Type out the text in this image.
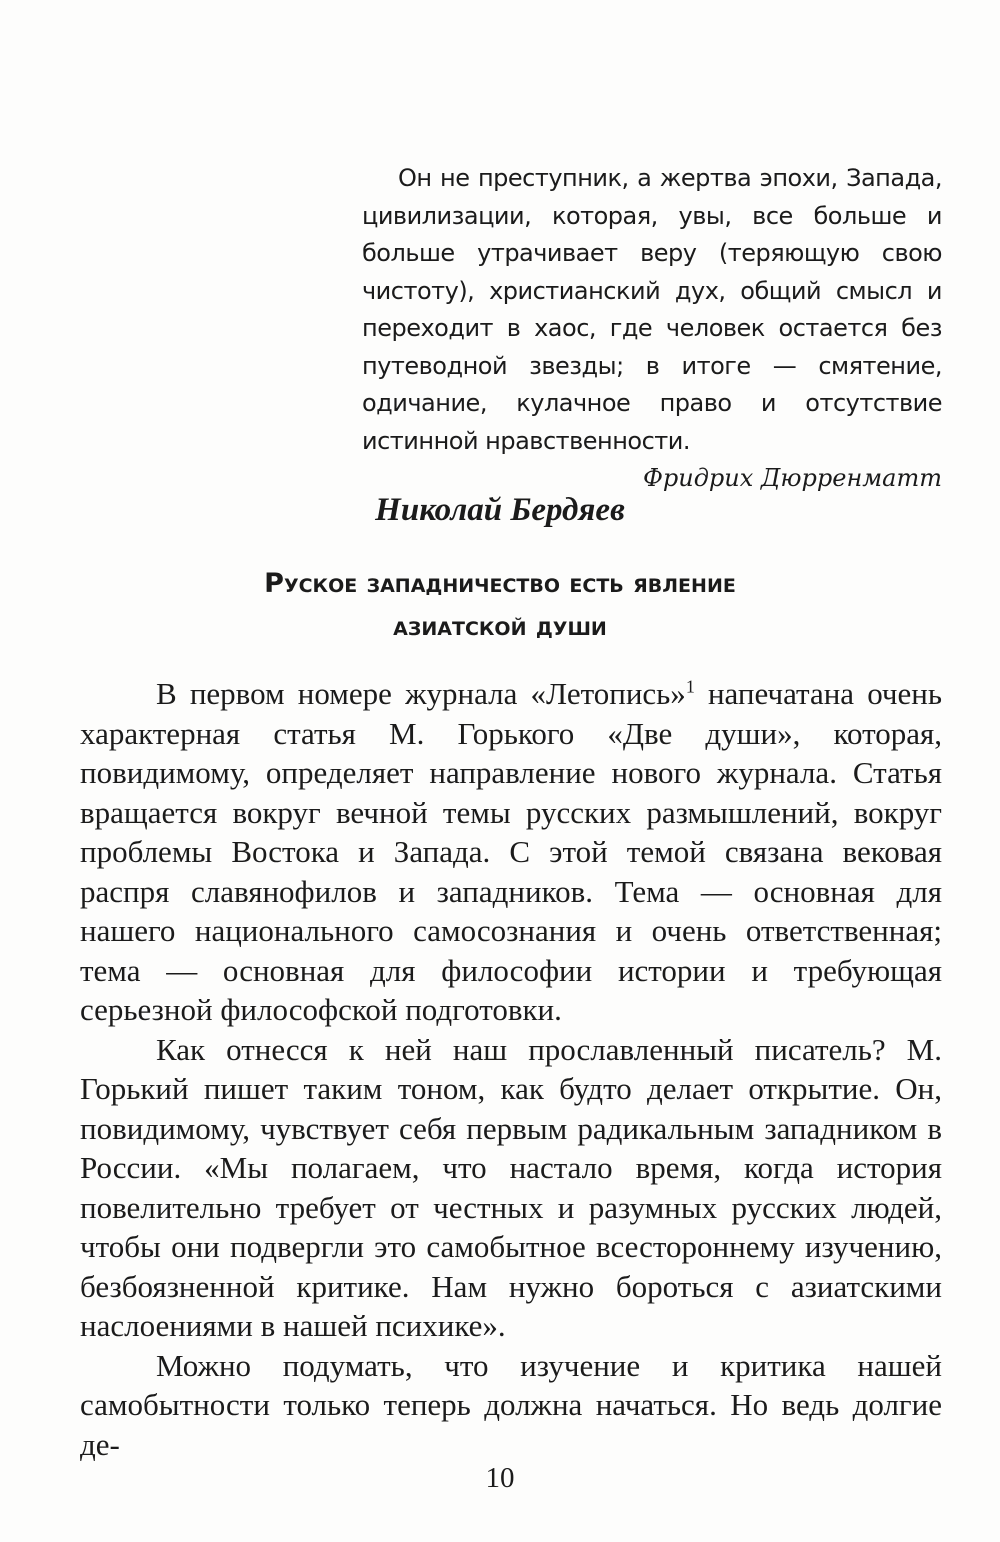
Он не преступник, а жертва эпохи, Запада, цивилизации, которая, увы, все больше и больше утрачивает веру (теряющую свою чистоту), христианский дух, общий смысл и переходит в хаос, где человек остается без путеводной звезды; в итоге — смятение, одичание, кулачное право и отсутствие истинной нравственности.

Фридрих Дюрренматт
Николай Бердяев
Руское западничество есть явление
азиатской души

В первом номере журнала «Летопись»$^1$ напечатана очень характерная статья М. Горького «Две души», которая, повидимому, определяет направление нового журнала. Статья вращается вокруг вечной темы русских размышлений, вокруг проблемы Востока и Запада. С этой темой связана вековая распря славянофилов и западников. Тема — основная для нашего национального самосознания и очень ответственная; тема — основная для философии истории и требующая серьезной философской подготовки.

Как отнесся к ней наш прославленный писатель? М. Горький пишет таким тоном, как будто делает открытие. Он, повидимому, чувствует себя первым радикальным западником в России. «Мы полагаем, что настало время, когда история повелительно требует от честных и разумных русских людей, чтобы они подвергли это самобытное всестороннему изучению, безбоязненной критике. Нам нужно бороться с азиатскими наслоениями в нашей психике».

Можно подумать, что изучение и критика нашей самобытности только теперь должна начаться. Но ведь долгие де-

10
